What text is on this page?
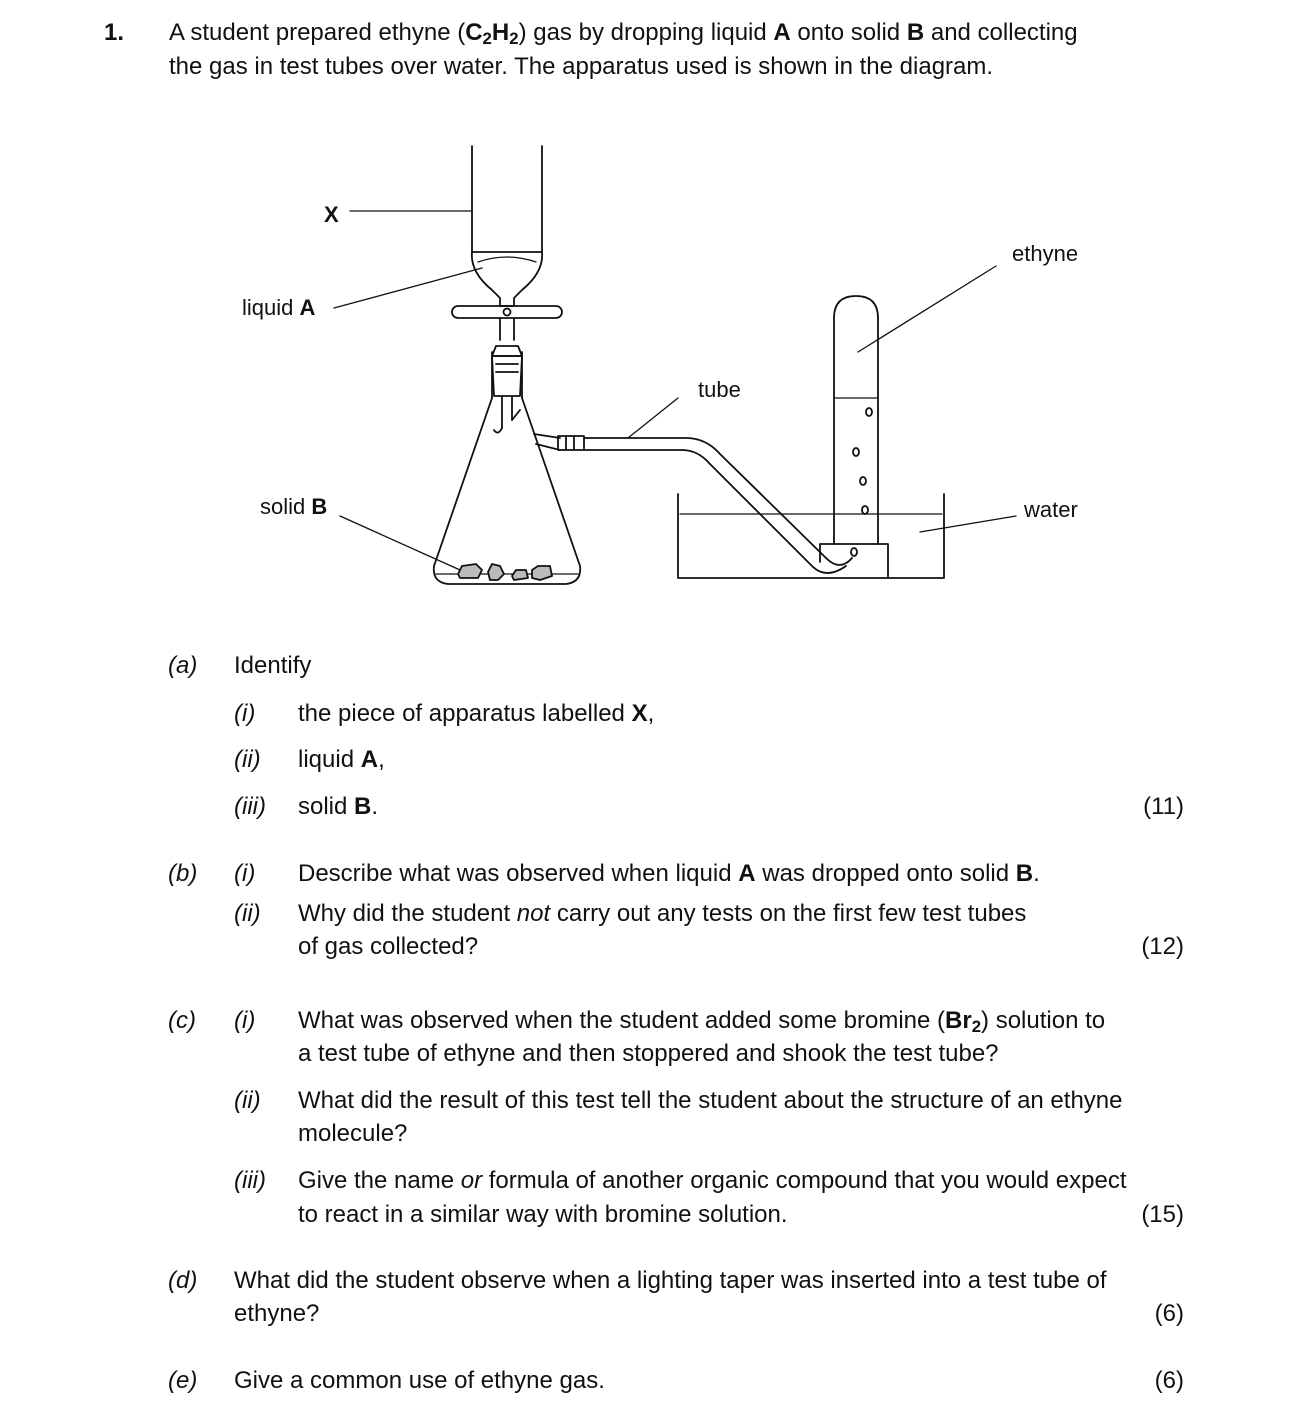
1. A student prepared ethyne $(C_2H_2)$ gas by dropping liquid A onto solid B and collecting
the gas in test tubes over water. The apparatus used is shown in the diagram.
X
liquid A
solid B
tube
ethyne
water
(a) Identify
(i) the piece of apparatus labelled X,
(ii) liquid A,
(iii) solid B.	(11)
(b) (i) Describe what was observed when liquid A was dropped onto solid B.
(ii) Why did the student not carry out any tests on the first few test tubes
of gas collected?	(12)
(c) (i) What was observed when the student added some bromine $(Br_2)$ solution to
a test tube of ethyne and then stoppered and shook the test tube?
(ii) What did the result of this test tell the student about the structure of an ethyne
molecule?
(iii) Give the name or formula of another organic compound that you would expect
to react in a similar way with bromine solution.	(15)
(d) What did the student observe when a lighting taper was inserted into a test tube of
ethyne?	(6)
(e) Give a common use of ethyne gas.	(6)
